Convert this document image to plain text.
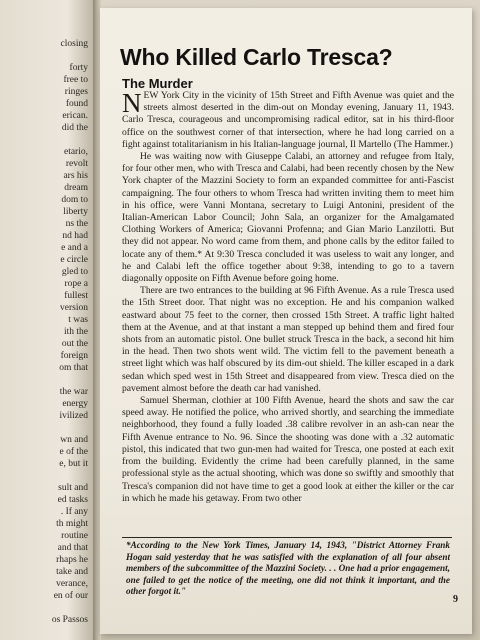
closing
forty
free to
ringes
found
erican.
did the
etario,
revolt
ars his
dream
dom to
liberty
ns the
nd had
e and a
e circle
gled to
rope a
fullest
version
t was
ith the
out the
foreign
om that
the war
energy
ivilized
wn and
e of the
e, but it
sult and
ed tasks
. If any
th might
routine
and that
rhaps he
take and
verance,
en of our
os Passos
Who Killed Carlo Tresca?
The Murder

NEW York City in the vicinity of 15th Street and Fifth Avenue was quiet and the streets almost deserted in the dim-out on Monday evening, January 11, 1943. Carlo Tresca, courageous and uncompromising radical editor, sat in his third-floor office on the southwest corner of that intersection, where he had long carried on a fight against totalitarianism in his Italian-language journal, Il Martello (The Hammer.)

He was waiting now with Giuseppe Calabi, an attorney and refugee from Italy, for four other men, who with Tresca and Calabi, had been recently chosen by the New York chapter of the Mazzini Society to form an expanded committee for anti-Fascist campaigning. The four others to whom Tresca had written inviting them to meet him in his office, were Vanni Montana, secretary to Luigi Antonini, president of the Italian-American Labor Council; John Sala, an organizer for the Amalgamated Clothing Workers of America; Giovanni Profenna; and Gian Mario Lanzilotti. But they did not appear. No word came from them, and phone calls by the editor failed to locate any of them.* At 9:30 Tresca concluded it was useless to wait any longer, and he and Calabi left the office together about 9:38, intending to go to a tavern diagonally opposite on Fifth Avenue before going home.

There are two entrances to the building at 96 Fifth Avenue. As a rule Tresca used the 15th Street door. That night was no exception. He and his companion walked eastward about 75 feet to the corner, then crossed 15th Street. A traffic light halted them at the Avenue, and at that instant a man stepped up behind them and fired four shots from an automatic pistol. One bullet struck Tresca in the back, a second hit him in the head. Then two shots went wild. The victim fell to the pavement beneath a street light which was half obscured by its dim-out shield. The killer escaped in a dark sedan which sped west in 15th Street and disappeared from view. Tresca died on the pavement almost before the death car had vanished.

Samuel Sherman, clothier at 100 Fifth Avenue, heard the shots and saw the car speed away. He notified the police, who arrived shortly, and searching the immediate neighborhood, they found a fully loaded .38 calibre revolver in an ash-can near the Fifth Avenue entrance to No. 96. Since the shooting was done with a .32 automatic pistol, this indicated that two gun-men had waited for Tresca, one posted at each exit from the building. Evidently the crime had been carefully planned, in the same professional style as the actual shooting, which was done so swiftly and smoothly that Tresca's companion did not have time to get a good look at either the killer or the car in which he made his getaway. From two other

*According to the New York Times, January 14, 1943, "District Attorney Frank Hogan said yesterday that he was satisfied with the explanation of all four absent members of the subcommittee of the Mazzini Society. . . One had a prior engagement, one failed to get the notice of the meeting, one did not think it important, and the other forgot it."
9
